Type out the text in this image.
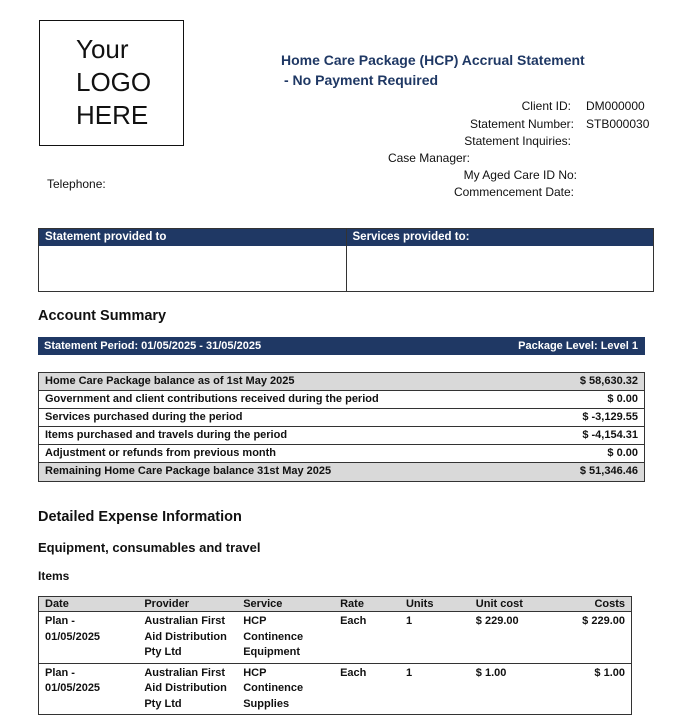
Your
LOGO
HERE
Home Care Package (HCP) Accrual Statement
- No Payment Required
Client ID: DM000000
Statement Number: STB000030
Statement Inquiries:
Case Manager:
My Aged Care ID No:
Commencement Date:
Telephone:
Statement provided to	Services provided to:
Account Summary
Statement Period: 01/05/2025 - 31/05/2025	Package Level: Level 1
Home Care Package balance as of 1st May 2025	$ 58,630.32
Government and client contributions received during the period	$ 0.00
Services purchased during the period	$ -3,129.55
Items purchased and travels during the period	$ -4,154.31
Adjustment or refunds from previous month	$ 0.00
Remaining Home Care Package balance 31st May 2025	$ 51,346.46
Detailed Expense Information
Equipment, consumables and travel
Items
Date	Provider	Service	Rate	Units	Unit cost	Costs
Plan - 01/05/2025	Australian First Aid Distribution Pty Ltd	HCP Continence Equipment	Each	1	$ 229.00	$ 229.00
Plan - 01/05/2025	Australian First Aid Distribution Pty Ltd	HCP Continence Supplies	Each	1	$ 1.00	$ 1.00
